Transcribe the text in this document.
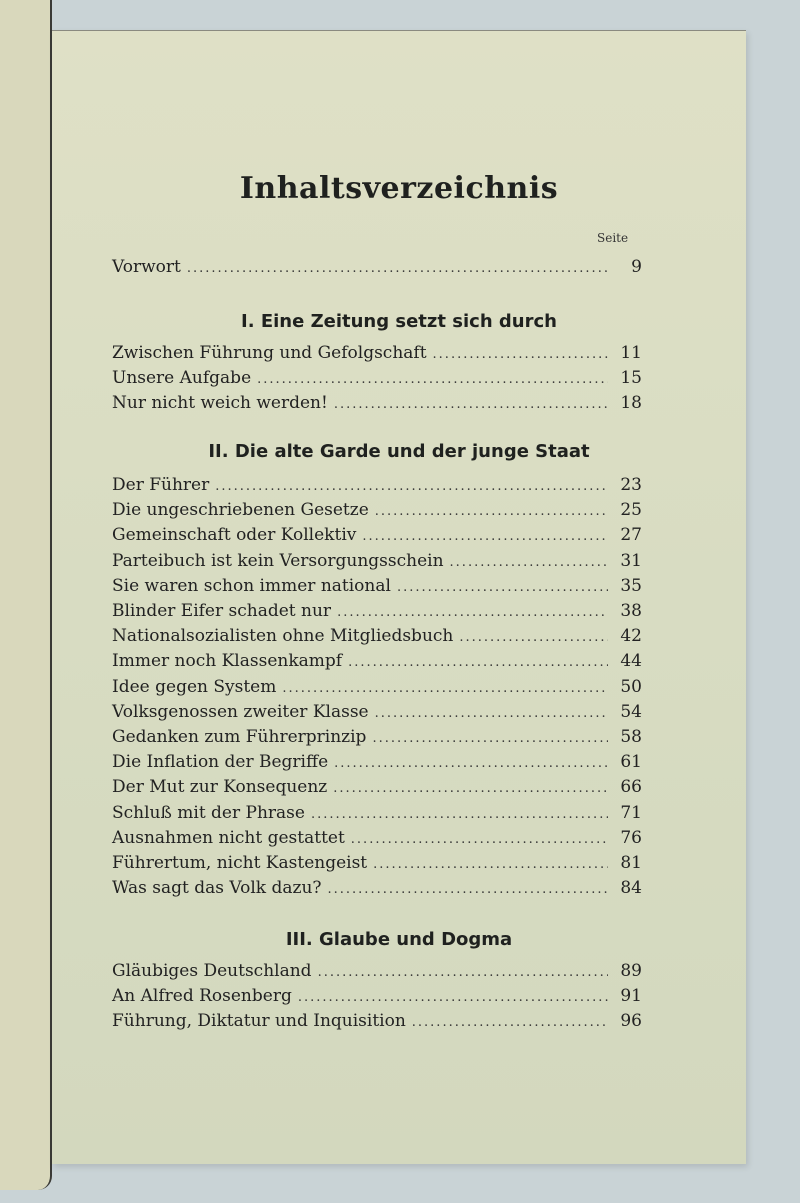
Inhaltsverzeichnis
Seite
Vorwort .....	9
I. Eine Zeitung setzt sich durch
Zwischen Führung und Gefolgschaft .....	11
Unsere Aufgabe .....	15
Nur nicht weich werden! .....	18
II. Die alte Garde und der junge Staat
Der Führer .....	23
Die ungeschriebenen Gesetze .....	25
Gemeinschaft oder Kollektiv .....	27
Parteibuch ist kein Versorgungsschein .....	31
Sie waren schon immer national .....	35
Blinder Eifer schadet nur .....	38
Nationalsozialisten ohne Mitgliedsbuch .....	42
Immer noch Klassenkampf .....	44
Idee gegen System .....	50
Volksgenossen zweiter Klasse .....	54
Gedanken zum Führerprinzip .....	58
Die Inflation der Begriffe .....	61
Der Mut zur Konsequenz .....	66
Schluß mit der Phrase .....	71
Ausnahmen nicht gestattet .....	76
Führertum, nicht Kastengeist .....	81
Was sagt das Volk dazu? .....	84
III. Glaube und Dogma
Gläubiges Deutschland .....	89
An Alfred Rosenberg .....	91
Führung, Diktatur und Inquisition .....	96
